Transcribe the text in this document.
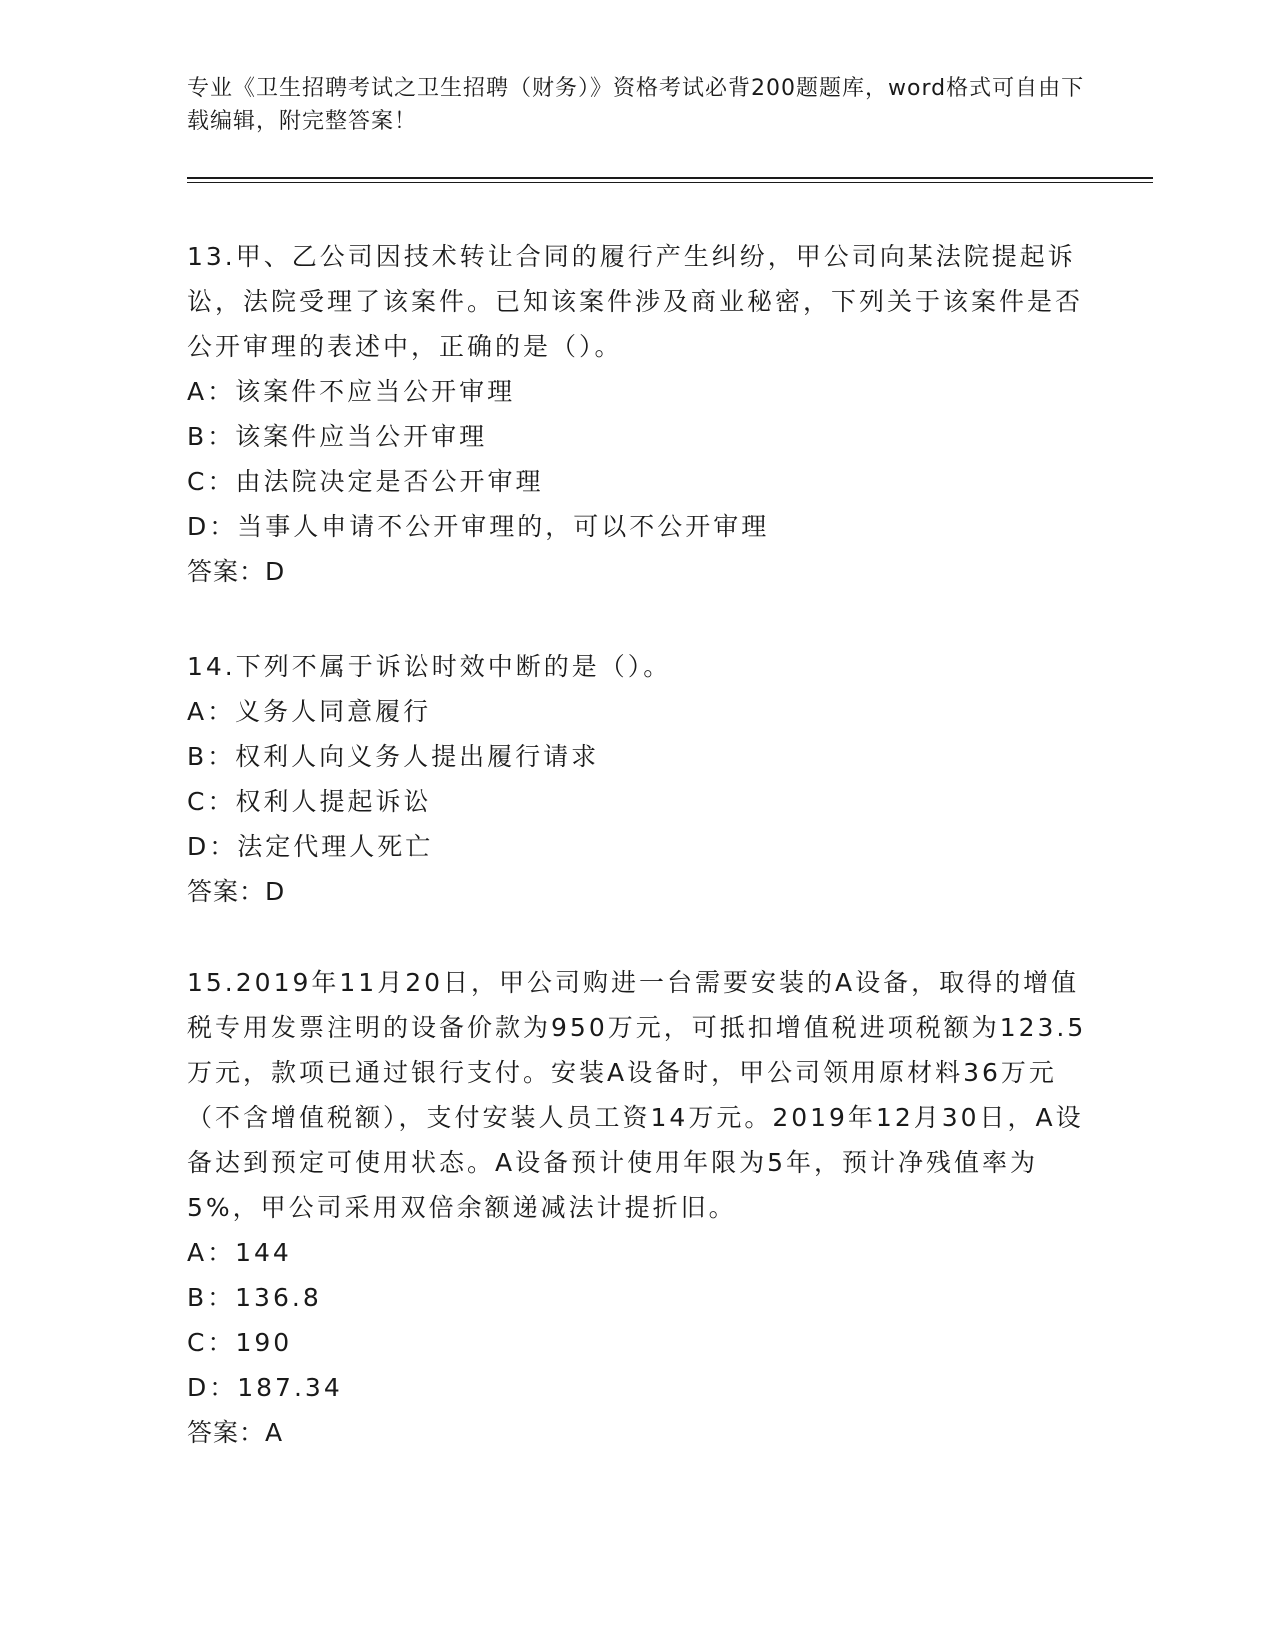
专业《卫生招聘考试之卫生招聘（财务）》资格考试必背200题题库，word格式可自由下载编辑，附完整答案！

13.甲、乙公司因技术转让合同的履行产生纠纷，甲公司向某法院提起诉讼，法院受理了该案件。已知该案件涉及商业秘密，下列关于该案件是否公开审理的表述中，正确的是（）。

A：该案件不应当公开审理

B：该案件应当公开审理

C：由法院决定是否公开审理

D：当事人申请不公开审理的，可以不公开审理

答案：D

14.下列不属于诉讼时效中断的是（）。

A：义务人同意履行

B：权利人向义务人提出履行请求

C：权利人提起诉讼

D：法定代理人死亡

答案：D

15.2019年11月20日，甲公司购进一台需要安装的A设备，取得的增值税专用发票注明的设备价款为950万元，可抵扣增值税进项税额为123.5万元，款项已通过银行支付。安装A设备时，甲公司领用原材料36万元（不含增值税额），支付安装人员工资14万元。2019年12月30日，A设备达到预定可使用状态。A设备预计使用年限为5年，预计净残值率为5%，甲公司采用双倍余额递减法计提折旧。

A：144

B：136.8

C：190

D：187.34

答案：A
